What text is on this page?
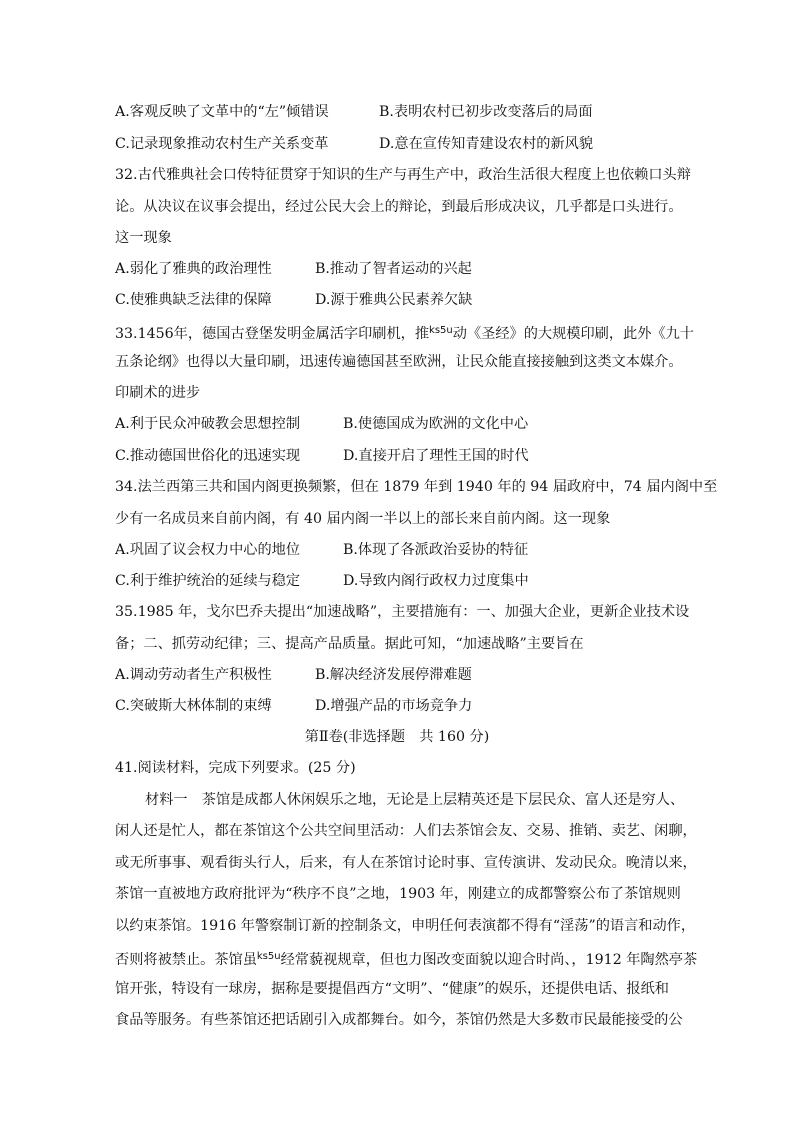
A.客观反映了文革中的“左”倾错误	B.表明农村已初步改变落后的局面
C.记录现象推动农村生产关系变革	D.意在宣传知青建设农村的新风貌
32.古代雅典社会口传特征贯穿于知识的生产与再生产中，政治生活很大程度上也依赖口头辩
论。从决议在议事会提出，经过公民大会上的辩论，到最后形成决议，几乎都是口头进行。
这一现象
A.弱化了雅典的政治理性	B.推动了智者运动的兴起
C.使雅典缺乏法律的保障	D.源于雅典公民素养欠缺
33.1456年，德国古登堡发明金属活字印刷机，推$^{ks5u}$动《圣经》的大规模印刷，此外《九十
五条论纲》也得以大量印刷，迅速传遍德国甚至欧洲，让民众能直接接触到这类文本媒介。
印刷术的进步
A.利于民众冲破教会思想控制	B.使德国成为欧洲的文化中心
C.推动德国世俗化的迅速实现	D.直接开启了理性王国的时代
34.法兰西第三共和国内阁更换频繁，但在 1879 年到 1940 年的 94 届政府中，74 届内阁中至
少有一名成员来自前内阁，有 40 届内阁一半以上的部长来自前内阁。这一现象
A.巩固了议会权力中心的地位	B.体现了各派政治妥协的特征
C.利于维护统治的延续与稳定	D.导致内阁行政权力过度集中
35.1985 年，戈尔巴乔夫提出“加速战略”，主要措施有：一、加强大企业，更新企业技术设
备；二、抓劳动纪律；三、提高产品质量。据此可知，“加速战略”主要旨在
A.调动劳动者生产积极性	B.解决经济发展停滞难题
C.突破斯大林体制的束缚	D.增强产品的市场竞争力
第Ⅱ卷(非选择题　共 160 分)
41.阅读材料，完成下列要求。(25 分)
材料一　茶馆是成都人休闲娱乐之地，无论是上层精英还是下层民众、富人还是穷人、
闲人还是忙人，都在茶馆这个公共空间里活动：人们去茶馆会友、交易、推销、卖艺、闲聊，
或无所事事、观看街头行人，后来，有人在茶馆讨论时事、宣传演讲、发动民众。晚清以来，
茶馆一直被地方政府批评为“秩序不良”之地，1903 年，刚建立的成都警察公布了茶馆规则
以约束茶馆。1916 年警察制订新的控制条文，申明任何表演都不得有“淫荡”的语言和动作，
否则将被禁止。茶馆虽$^{ks5u}$经常藐视规章，但也力图改变面貌以迎合时尚、，1912 年陶然亭茶
馆开张，特设有一球房，据称是要提倡西方“文明”、“健康”的娱乐，还提供电话、报纸和
食品等服务。有些茶馆还把话剧引入成都舞台。如今，茶馆仍然是大多数市民最能接受的公
